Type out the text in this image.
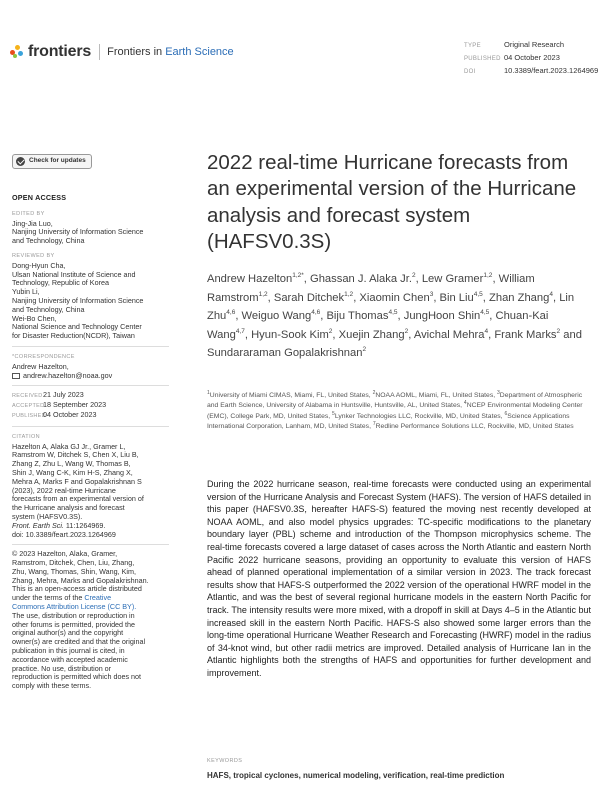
frontiers Frontiers in Earth Science	TYPE	Original Research
PUBLISHED 04 October 2023
DOI	10.3389/feart.2023.1264969
Check for updates
OPEN ACCESS
EDITED BY
Jing-Jia Luo,
Nanjing University of Information Science
and Technology, China
REVIEWED BY
Dong-Hyun Cha,
Ulsan National Institute of Science and
Technology, Republic of Korea
Yubin Li,
Nanjing University of Information Science
and Technology, China
Wei-Bo Chen,
National Science and Technology Center
for Disaster Reduction(NCDR), Taiwan
*CORRESPONDENCE
Andrew Hazelton,
andrew.hazelton@noaa.gov
RECEIVED21 July 2023
ACCEPTED18 September 2023
PUBLISHED04 October 2023
CITATION
Hazelton A, Alaka GJ Jr., Gramer L,
Ramstrom W, Ditchek S, Chen X, Liu B,
Zhang Z, Zhu L, Wang W, Thomas B,
Shin J, Wang C-K, Kim H-S, Zhang X,
Mehra A, Marks F and Gopalakrishnan S
(2023), 2022 real-time Hurricane
forecasts from an experimental version of
the Hurricane analysis and forecast
system (HAFSV0.3S).
Front. Earth Sci. 11:1264969.
doi: 10.3389/feart.2023.1264969
© 2023 Hazelton, Alaka, Gramer,
Ramstrom, Ditchek, Chen, Liu, Zhang,
Zhu, Wang, Thomas, Shin, Wang, Kim,
Zhang, Mehra, Marks and Gopalakrishnan.
This is an open-access article distributed
under the terms of the Creative
Commons Attribution License (CC BY).
The use, distribution or reproduction in
other forums is permitted, provided the
original author(s) and the copyright
owner(s) are credited and that the original
publication in this journal is cited, in
accordance with accepted academic
practice. No use, distribution or
reproduction is permitted which does not
comply with these terms.
2022 real-time Hurricane forecasts from an experimental version of the Hurricane analysis and forecast system (HAFSV0.3S)
Andrew Hazelton$^{1,2*}$, Ghassan J. Alaka Jr.$^2$, Lew Gramer$^{1,2}$, William Ramstrom$^{1,2}$, Sarah Ditchek$^{1,2}$, Xiaomin Chen$^3$, Bin Liu$^{4,5}$, Zhan Zhang$^4$, Lin Zhu$^{4,6}$, Weiguo Wang$^{4,6}$, Biju Thomas$^{4,5}$, JungHoon Shin$^{4,5}$, Chuan-Kai Wang$^{4,7}$, Hyun-Sook Kim$^2$, Xuejin Zhang$^2$, Avichal Mehra$^4$, Frank Marks$^2$ and Sundararaman Gopalakrishnan$^2$
$^1$University of Miami CIMAS, Miami, FL, United States, $^2$NOAA AOML, Miami, FL, United States, $^3$Department of Atmospheric and Earth Science, University of Alabama in Huntsville, Huntsville, AL, United States, $^4$NCEP Environmental Modeling Center (EMC), College Park, MD, United States, $^5$Lynker Technologies LLC, Rockville, MD, United States, $^6$Science Applications International Corporation, Lanham, MD, United States, $^7$Redline Performance Solutions LLC, Rockville, MD, United States

During the 2022 hurricane season, real-time forecasts were conducted using an experimental version of the Hurricane Analysis and Forecast System (HAFS). The version of HAFS detailed in this paper (HAFSV0.3S, hereafter HAFS-S) featured the moving nest recently developed at NOAA AOML, and also model physics upgrades: TC-specific modifications to the planetary boundary layer (PBL) scheme and introduction of the Thompson microphysics scheme. The real-time forecasts covered a large dataset of cases across the North Atlantic and eastern North Pacific 2022 hurricane seasons, providing an opportunity to evaluate this version of HAFS ahead of planned operational implementation of a similar version in 2023. The track forecast results show that HAFS-S outperformed the 2022 version of the operational HWRF model in the Atlantic, and was the best of several regional hurricane models in the eastern North Pacific for track. The intensity results were more mixed, with a dropoff in skill at Days 4–5 in the Atlantic but increased skill in the eastern North Pacific. HAFS-S also showed some larger errors than the long-time operational Hurricane Weather Research and Forecasting (HWRF) model in the radius of 34-knot wind, but other radii metrics are improved. Detailed analysis of Hurricane Ian in the Atlantic highlights both the strengths of HAFS and opportunities for further development and improvement.

KEYWORDS
HAFS, tropical cyclones, numerical modeling, verification, real-time prediction
